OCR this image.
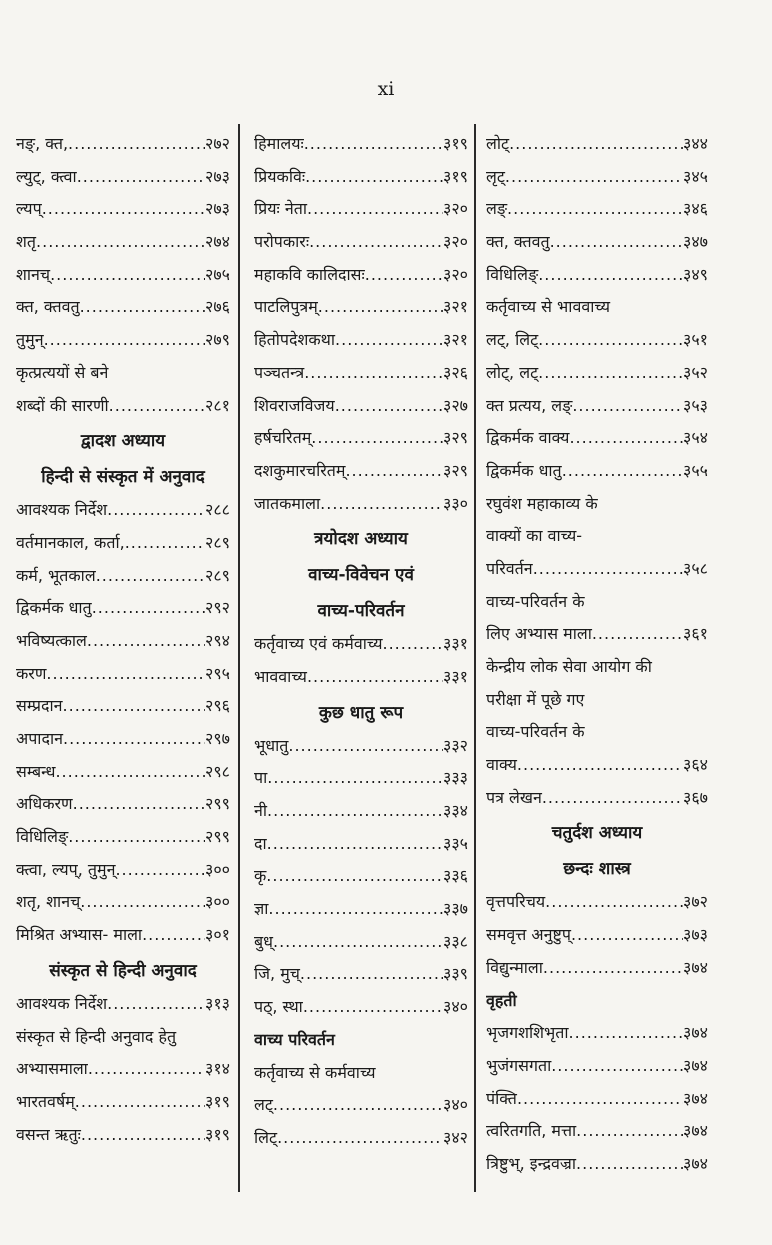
xi
नङ्, क्त, .....	२७२
ल्युट्, क्त्वा .....	२७३
ल्यप् .....	२७३
शतृ .....	२७४
शानच् .....	२७५
क्त, क्तवतु .....	२७६
तुमुन् .....	२७९
कृत्प्रत्ययों से बने
शब्दों की सारणी .....	२८१
द्वादश अध्याय
हिन्दी से संस्कृत में अनुवाद
आवश्यक निर्देश .....	२८८
वर्तमानकाल, कर्ता, .....	२८९
कर्म, भूतकाल .....	२८९
द्विकर्मक धातु .....	२९२
भविष्यत्काल .....	२९४
करण .....	२९५
सम्प्रदान .....	२९६
अपादान .....	२९७
सम्बन्ध .....	२९८
अधिकरण .....	२९९
विधिलिङ् .....	२९९
क्त्वा, ल्यप्, तुमुन् .....	३००
शतृ, शानच् .....	३००
मिश्रित अभ्यास- माला .....	३०१
संस्कृत से हिन्दी अनुवाद
आवश्यक निर्देश .....	३१३
संस्कृत से हिन्दी अनुवाद हेतु
अभ्यासमाला .....	३१४
भारतवर्षम् .....	३१९
वसन्त ऋतुः .....	३१९
हिमालयः .....	३१९
प्रियकविः .....	३१९
प्रियः नेता .....	३२०
परोपकारः .....	३२०
महाकवि कालिदासः .....	३२०
पाटलिपुत्रम् .....	३२१
हितोपदेशकथा .....	३२१
पञ्चतन्त्र .....	३२६
शिवराजविजय .....	३२७
हर्षचरितम् .....	३२९
दशकुमारचरितम् .....	३२९
जातकमाला .....	३३०
त्रयोदश अध्याय
वाच्य-विवेचन एवं
वाच्य-परिवर्तन
कर्तृवाच्य एवं कर्मवाच्य .....	३३१
भाववाच्य .....	३३१
कुछ धातु रूप
भूधातु .....	३३२
पा .....	३३३
नी .....	३३४
दा .....	३३५
कृ .....	३३६
ज्ञा .....	३३७
बुध् .....	३३८
जि, मुच् .....	३३९
पठ्, स्था .....	३४०
वाच्य परिवर्तन
कर्तृवाच्य से कर्मवाच्य
लट् .....	३४०
लिट् .....	३४२
लोट् .....	३४४
लृट् .....	३४५
लङ् .....	३४६
क्त, क्तवतु .....	३४७
विधिलिङ् .....	३४९
कर्तृवाच्य से भाववाच्य
लट्, लिट् .....	३५१
लोट्, लट् .....	३५२
क्त प्रत्यय, लङ् .....	३५३
द्विकर्मक वाक्य .....	३५४
द्विकर्मक धातु .....	३५५
रघुवंश महाकाव्य के
वाक्यों का वाच्य-
परिवर्तन .....	३५८
वाच्य-परिवर्तन के
लिए अभ्यास माला .....	३६१
केन्द्रीय लोक सेवा आयोग की
परीक्षा में पूछे गए
वाच्य-परिवर्तन के
वाक्य .....	३६४
पत्र लेखन .....	३६७
चतुर्दश अध्याय
छन्दः शास्त्र
वृत्तपरिचय .....	३७२
समवृत्त अनुष्टुप् .....	३७३
विद्युन्माला .....	३७४
वृहती
भृजगशशिभृता .....	३७४
भुजंगसगता .....	३७४
पंक्ति .....	३७४
त्वरितगति, मत्ता .....	३७४
त्रिष्टुभ्, इन्द्रवज्रा .....	३७४
